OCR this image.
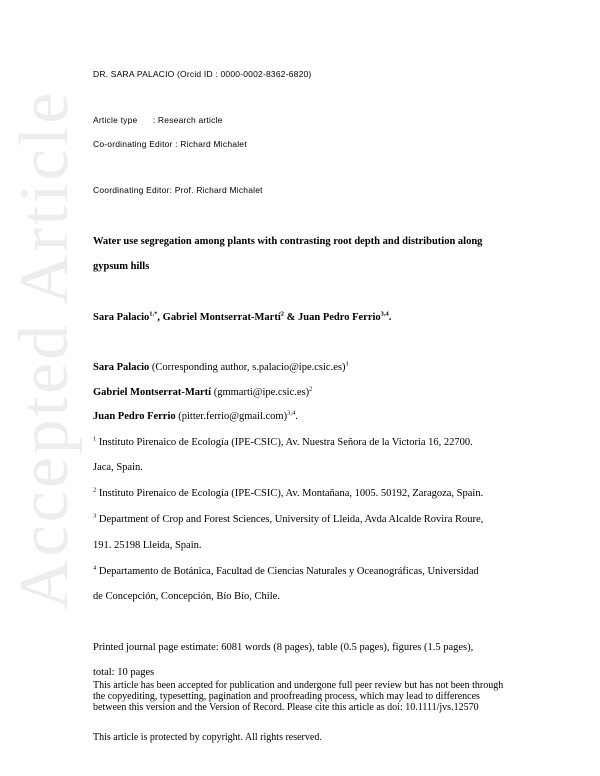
Accepted Article
DR. SARA PALACIO (Orcid ID : 0000-0002-8362-6820)
Article type      : Research article
Co-ordinating Editor : Richard Michalet
Coordinating Editor: Prof. Richard Michalet
Water use segregation among plants with contrasting root depth and distribution along
gypsum hills
Sara Palacio$^{1,*}$, Gabriel Montserrat-Martí$^2$ & Juan Pedro Ferrio$^{3,4}$.
Sara Palacio (Corresponding author, s.palacio@ipe.csic.es)$^1$
Gabriel Montserrat-Martí (gmmarti@ipe.csic.es)$^2$
Juan Pedro Ferrio (pitter.ferrio@gmail.com)$^{3,4}$.
$^1$ Instituto Pirenaico de Ecología (IPE-CSIC), Av. Nuestra Señora de la Victoria 16, 22700.
Jaca, Spain.
$^2$ Instituto Pirenaico de Ecología (IPE-CSIC), Av. Montañana, 1005. 50192, Zaragoza, Spain.
$^3$ Department of Crop and Forest Sciences, University of Lleida, Avda Alcalde Rovira Roure,
191. 25198 Lleida, Spain.
$^4$ Departamento de Botánica, Facultad de Ciencias Naturales y Oceanográficas, Universidad
de Concepción, Concepción, Bío Bío, Chile.
Printed journal page estimate: 6081 words (8 pages), table (0.5 pages), figures (1.5 pages),
total: 10 pages
This article has been accepted for publication and undergone full peer review but has not been through the copyediting, typesetting, pagination and proofreading process, which may lead to differences between this version and the Version of Record. Please cite this article as doi: 10.1111/jvs.12570
This article is protected by copyright. All rights reserved.
